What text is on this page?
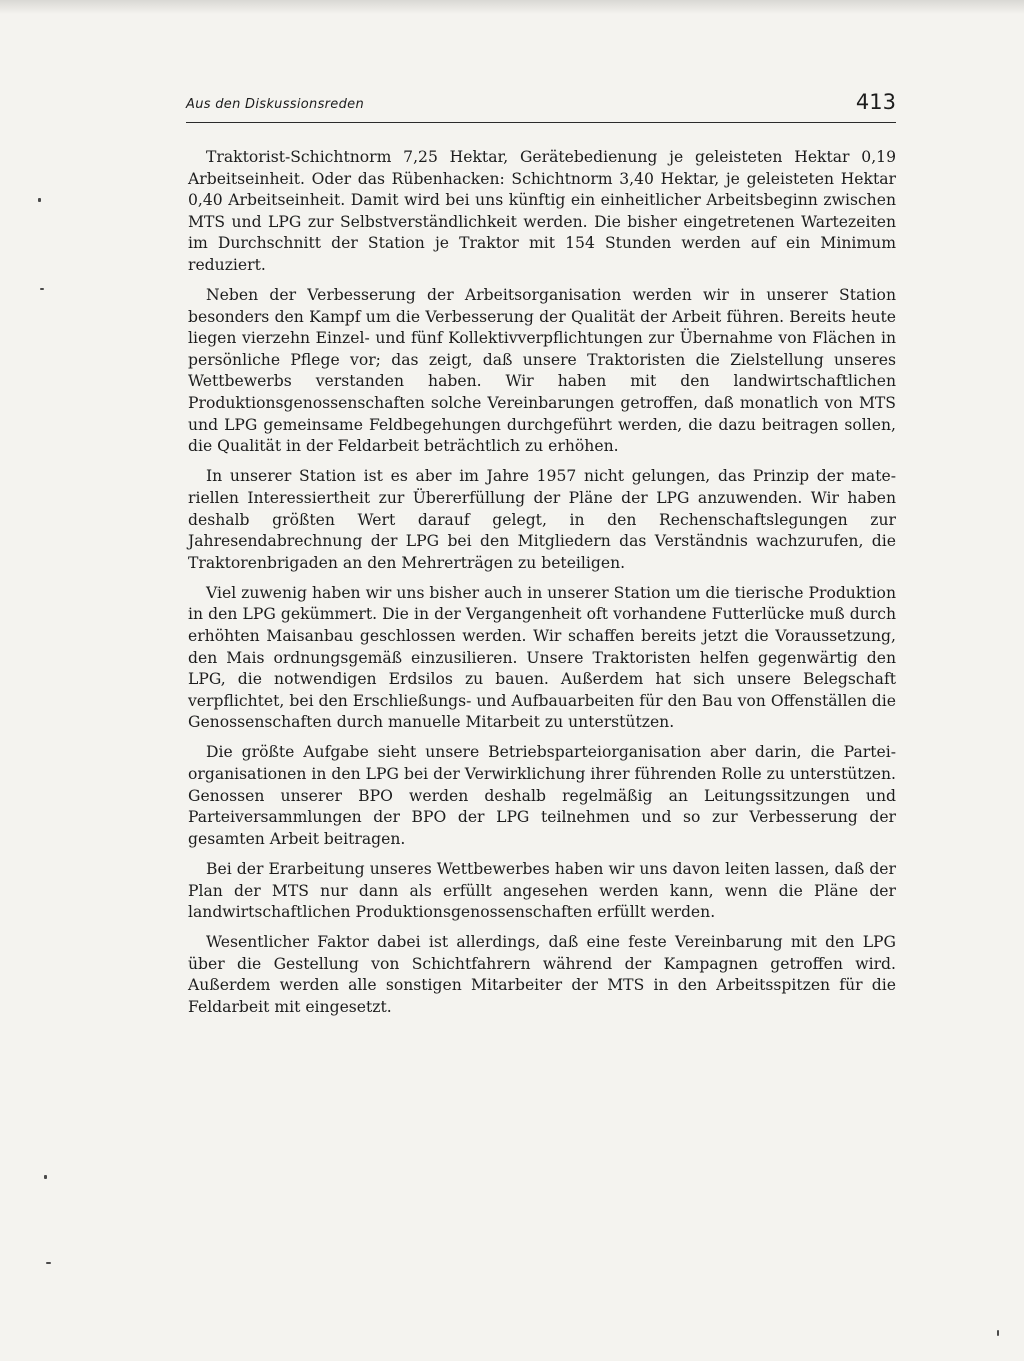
Aus den Diskussionsreden	413

Traktorist-Schichtnorm 7,25 Hektar, Gerätebedienung je geleisteten Hektar 0,19 Arbeitseinheit. Oder das Rübenhacken: Schichtnorm 3,40 Hektar, je geleisteten Hektar 0,40 Arbeitseinheit. Damit wird bei uns künftig ein einheitlicher Arbeitsbeginn zwischen MTS und LPG zur Selbstverständlichkeit werden. Die bisher eingetretenen Wartezeiten im Durchschnitt der Station je Traktor mit 154 Stunden werden auf ein Minimum reduziert.

Neben der Verbesserung der Arbeitsorganisation werden wir in unserer Station besonders den Kampf um die Verbesserung der Qualität der Arbeit führen. Bereits heute liegen vierzehn Einzel- und fünf Kollektivverpflichtungen zur Übernahme von Flächen in persönliche Pflege vor; das zeigt, daß unsere Traktoristen die Zielstellung unseres Wettbewerbs verstanden haben. Wir haben mit den landwirtschaftlichen Produktionsgenossenschaften solche Vereinbarungen getroffen, daß monatlich von MTS und LPG gemeinsame Feldbegehungen durchgeführt werden, die dazu beitragen sollen, die Qualität in der Feldarbeit beträchtlich zu erhöhen.

In unserer Station ist es aber im Jahre 1957 nicht gelungen, das Prinzip der materiellen Interessiertheit zur Übererfüllung der Pläne der LPG anzuwenden. Wir haben deshalb größten Wert darauf gelegt, in den Rechenschaftslegungen zur Jahresendabrechnung der LPG bei den Mitgliedern das Verständnis wachzurufen, die Traktorenbrigaden an den Mehrerträgen zu beteiligen.

Viel zuwenig haben wir uns bisher auch in unserer Station um die tierische Produktion in den LPG gekümmert. Die in der Vergangenheit oft vorhandene Futterlücke muß durch erhöhten Maisanbau geschlossen werden. Wir schaffen bereits jetzt die Voraussetzung, den Mais ordnungsgemäß einzusilieren. Unsere Traktoristen helfen gegenwärtig den LPG, die notwendigen Erdsilos zu bauen. Außerdem hat sich unsere Belegschaft verpflichtet, bei den Erschließungs- und Aufbauarbeiten für den Bau von Offenställen die Genossenschaften durch manuelle Mitarbeit zu unterstützen.

Die größte Aufgabe sieht unsere Betriebsparteiorganisation aber darin, die Parteiorganisationen in den LPG bei der Verwirklichung ihrer führenden Rolle zu unterstützen. Genossen unserer BPO werden deshalb regelmäßig an Leitungssitzungen und Parteiversammlungen der BPO der LPG teilnehmen und so zur Verbesserung der gesamten Arbeit beitragen.

Bei der Erarbeitung unseres Wettbewerbes haben wir uns davon leiten lassen, daß der Plan der MTS nur dann als erfüllt angesehen werden kann, wenn die Pläne der landwirtschaftlichen Produktionsgenossenschaften erfüllt werden.

Wesentlicher Faktor dabei ist allerdings, daß eine feste Vereinbarung mit den LPG über die Gestellung von Schichtfahrern während der Kampagnen getroffen wird. Außerdem werden alle sonstigen Mitarbeiter der MTS in den Arbeitsspitzen für die Feldarbeit mit eingesetzt.
